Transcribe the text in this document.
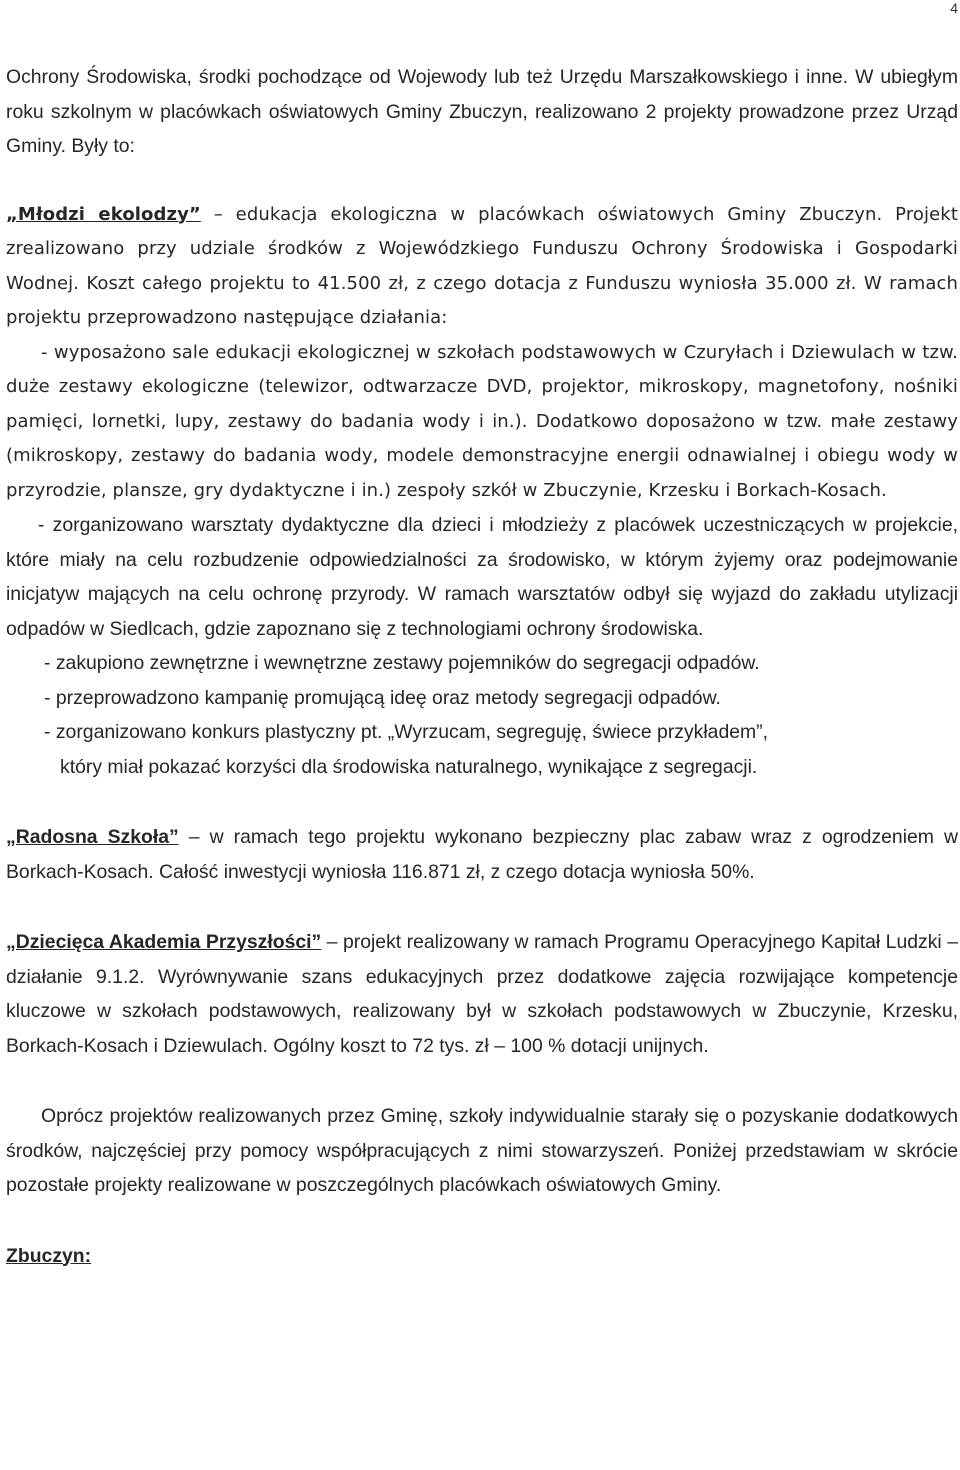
4

Ochrony Środowiska, środki pochodzące od Wojewody lub też Urzędu Marszałkowskiego i inne. W ubiegłym roku szkolnym w placówkach oświatowych Gminy Zbuczyn, realizowano 2 projekty prowadzone przez Urząd Gminy. Były to:

„Młodzi ekolodzy” – edukacja ekologiczna w placówkach oświatowych Gminy Zbuczyn. Projekt zrealizowano przy udziale środków z Wojewódzkiego Funduszu Ochrony Środowiska i Gospodarki Wodnej. Koszt całego projektu to 41.500 zł, z czego dotacja z Funduszu wyniosła 35.000 zł. W ramach projektu przeprowadzono następujące działania:

- wyposażono sale edukacji ekologicznej w szkołach podstawowych w Czuryłach i Dziewulach w tzw. duże zestawy ekologiczne (telewizor, odtwarzacze DVD, projektor, mikroskopy, magnetofony, nośniki pamięci, lornetki, lupy, zestawy do badania wody i in.). Dodatkowo doposażono w tzw. małe zestawy (mikroskopy, zestawy do badania wody, modele demonstracyjne energii odnawialnej i obiegu wody w przyrodzie, plansze, gry dydaktyczne i in.) zespoły szkół w Zbuczynie, Krzesku i Borkach-Kosach.

- zorganizowano warsztaty dydaktyczne dla dzieci i młodzieży z placówek uczestniczących w projekcie, które miały na celu rozbudzenie odpowiedzialności za środowisko, w którym żyjemy oraz podejmowanie inicjatyw mających na celu ochronę przyrody. W ramach warsztatów odbył się wyjazd do zakładu utylizacji odpadów w Siedlcach, gdzie zapoznano się z technologiami ochrony środowiska.

- zakupiono zewnętrzne i wewnętrzne zestawy pojemników do segregacji odpadów.

- przeprowadzono kampanię promującą ideę oraz metody segregacji odpadów.

- zorganizowano konkurs plastyczny pt. „Wyrzucam, segreguję, świece przykładem”,

który miał pokazać korzyści dla środowiska naturalnego, wynikające z segregacji.

„Radosna Szkoła” – w ramach tego projektu wykonano bezpieczny plac zabaw wraz z ogrodzeniem w Borkach-Kosach. Całość inwestycji wyniosła 116.871 zł, z czego dotacja wyniosła 50%.

„Dziecięca Akademia Przyszłości” – projekt realizowany w ramach Programu Operacyjnego Kapitał Ludzki – działanie 9.1.2. Wyrównywanie szans edukacyjnych przez dodatkowe zajęcia rozwijające kompetencje kluczowe w szkołach podstawowych, realizowany był w szkołach podstawowych w Zbuczynie, Krzesku, Borkach-Kosach i Dziewulach. Ogólny koszt to 72 tys. zł – 100 % dotacji unijnych.

Oprócz projektów realizowanych przez Gminę, szkoły indywidualnie starały się o pozyskanie dodatkowych środków, najczęściej przy pomocy współpracujących z nimi stowarzyszeń. Poniżej przedstawiam w skrócie pozostałe projekty realizowane w poszczególnych placówkach oświatowych Gminy.

Zbuczyn:
